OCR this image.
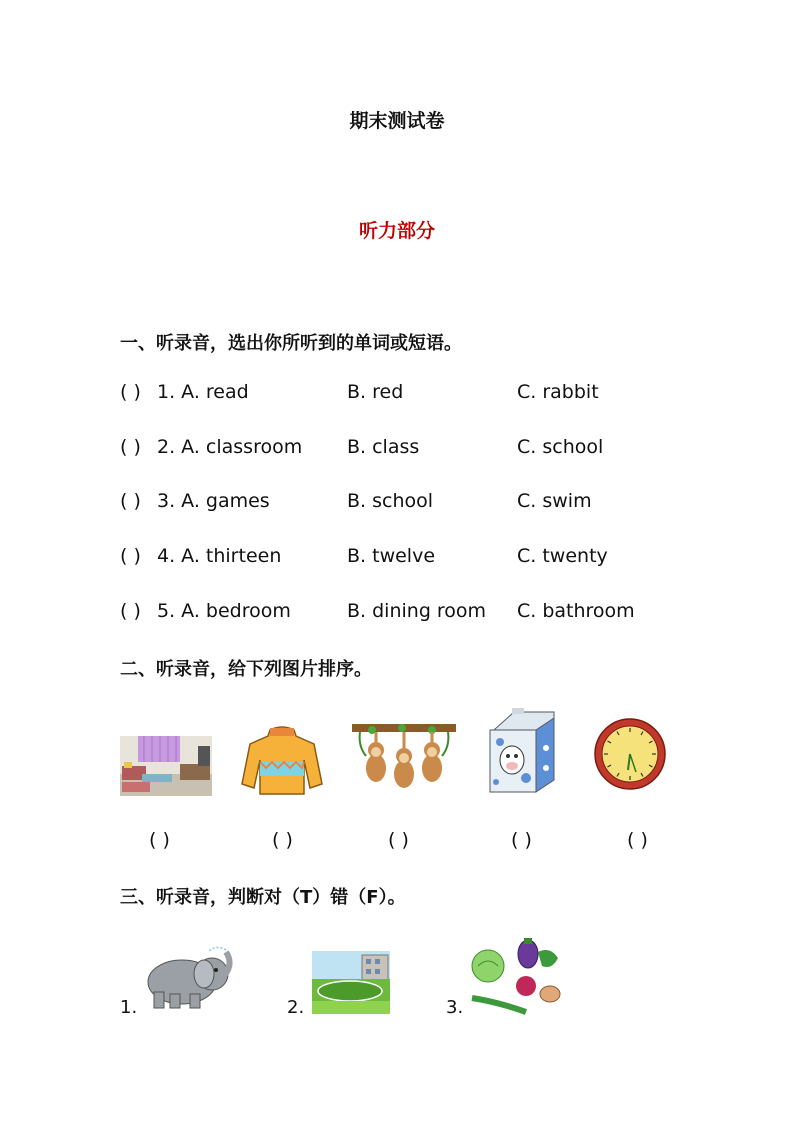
期末测试卷
听力部分
一、听录音，选出你所听到的单词或短语。
( ) 1. A. read	B. red	C. rabbit
( ) 2. A. classroom B. class	C. school
( ) 3. A. games	B. school	C. swim
( ) 4. A. thirteen	B. twelve	C. twenty
( ) 5. A. bedroom	B. dining room C. bathroom
二、听录音，给下列图片排序。
( )	( )	( )	( )	( )
三、听录音，判断对（T）错（F）。
1.	2.	3.
